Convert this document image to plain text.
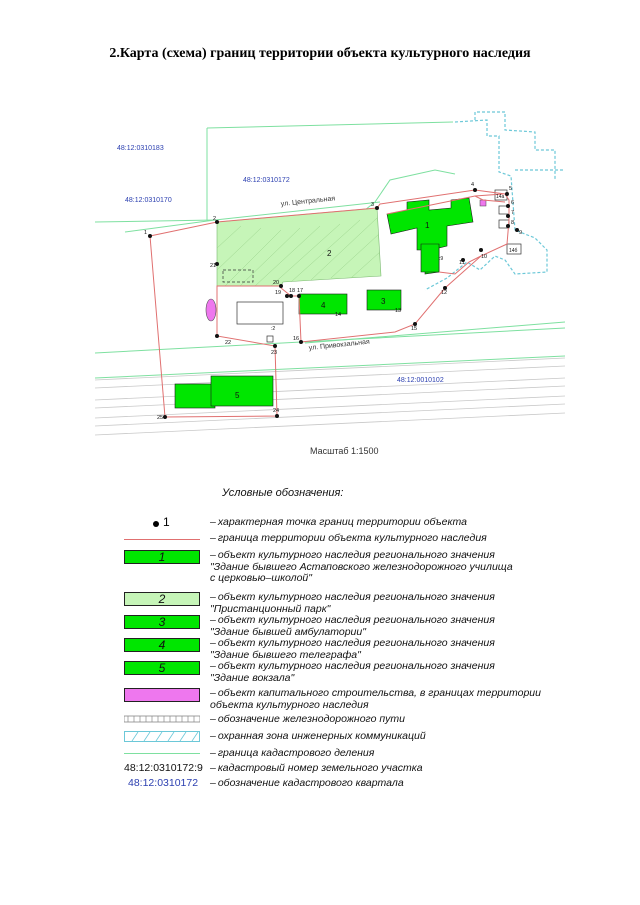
2.Карта (схема) границ территории объекта культурного наследия
48:12:0310183
48:12:0310172
48:12:0310170
48:12:0010102
ул. Центральная
ул. Привокзальная
1
2
3
4
5
1
2
3
4
5
6
7
8
9
10
11
12
13
14
15
16
17
18
19
20
21
22
23
24
25
:9
14а
14б
:2
Масштаб 1:1500
Условные обозначения:
1	– характерная точка границ территории объекта
– граница территории объекта культурного наследия
1	– объект культурного наследия регионального значения
"Здание бывшего Астаповского железнодорожного училища
с церковью–школой"
2	– объект культурного наследия регионального значения
"Пристанционный парк"
3	– объект культурного наследия регионального значения
"Здание бывшей амбулатории"
4	– объект культурного наследия регионального значения
"Здание бывшего телеграфа"
5	– объект культурного наследия регионального значения
"Здание вокзала"
– объект капитального строительства, в границах территории
объекта культурного наследия
– обозначение железнодорожного пути
– охранная зона инженерных коммуникаций
– граница кадастрового деления
48:12:0310172:9 – кадастровый номер земельного участка
48:12:0310172 – обозначение кадастрового квартала
